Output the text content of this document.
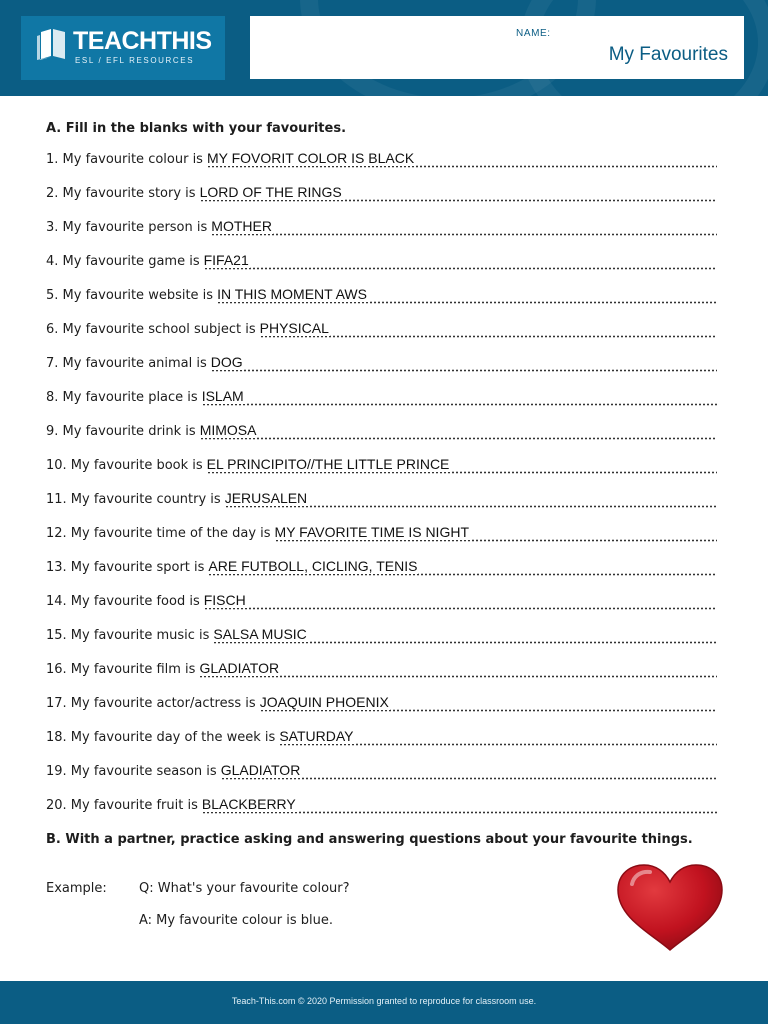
TEACHTHIS
ESL / EFL RESOURCES
NAME:
My Favourites
A. Fill in the blanks with your favourites.
1. My favourite colour is MY FOVORIT COLOR IS BLACK
2. My favourite story is LORD OF THE RINGS
3. My favourite person is MOTHER
4. My favourite game is FIFA21
5. My favourite website is IN THIS MOMENT AWS
6. My favourite school subject is PHYSICAL
7. My favourite animal is DOG
8. My favourite place is ISLAM
9. My favourite drink is MIMOSA
10. My favourite book is EL PRINCIPITO//THE LITTLE PRINCE
11. My favourite country is JERUSALEN
12. My favourite time of the day is MY FAVORITE TIME IS NIGHT
13. My favourite sport is ARE FUTBOLL, CICLING, TENIS
14. My favourite food is FISCH
15. My favourite music is SALSA MUSIC
16. My favourite film is GLADIATOR
17. My favourite actor/actress is JOAQUIN PHOENIX
18. My favourite day of the week is SATURDAY
19. My favourite season is GLADIATOR
20. My favourite fruit is BLACKBERRY
B. With a partner, practice asking and answering questions about your favourite things.
Example: Q: What's your favourite colour?
A: My favourite colour is blue.
Teach-This.com © 2020 Permission granted to reproduce for classroom use.
